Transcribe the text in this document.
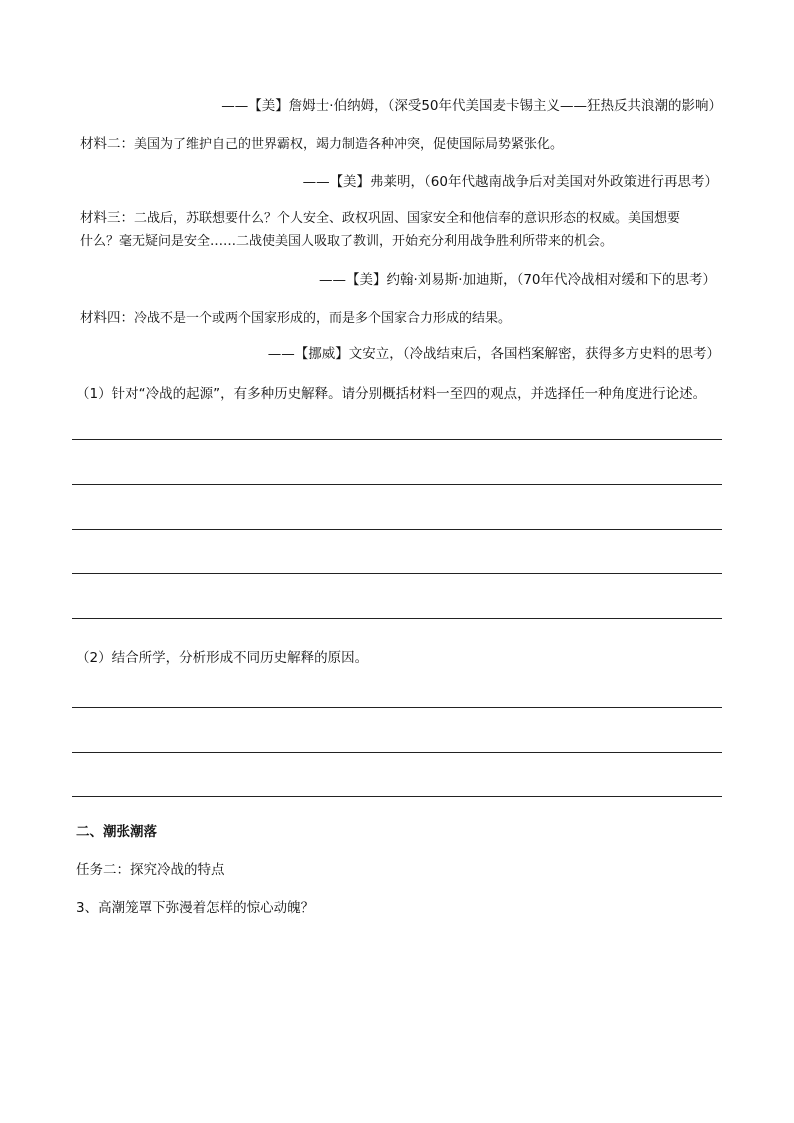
——【美】詹姆士·伯纳姆，（深受50年代美国麦卡锡主义——狂热反共浪潮的影响）
材料二：美国为了维护自己的世界霸权，竭力制造各种冲突，促使国际局势紧张化。
——【美】弗莱明，（60年代越南战争后对美国对外政策进行再思考）
材料三：二战后，苏联想要什么？个人安全、政权巩固、国家安全和他信奉的意识形态的权威。美国想要
什么？毫无疑问是安全……二战使美国人吸取了教训，开始充分利用战争胜利所带来的机会。
——【美】约翰·刘易斯·加迪斯，（70年代冷战相对缓和下的思考）
材料四：冷战不是一个或两个国家形成的，而是多个国家合力形成的结果。
——【挪威】文安立，（冷战结束后，各国档案解密，获得多方史料的思考）
（1）针对“冷战的起源”，有多种历史解释。请分别概括材料一至四的观点，并选择任一种角度进行论述。
（2）结合所学，分析形成不同历史解释的原因。
二、潮张潮落
任务二：探究冷战的特点
3、高潮笼罩下弥漫着怎样的惊心动魄？
